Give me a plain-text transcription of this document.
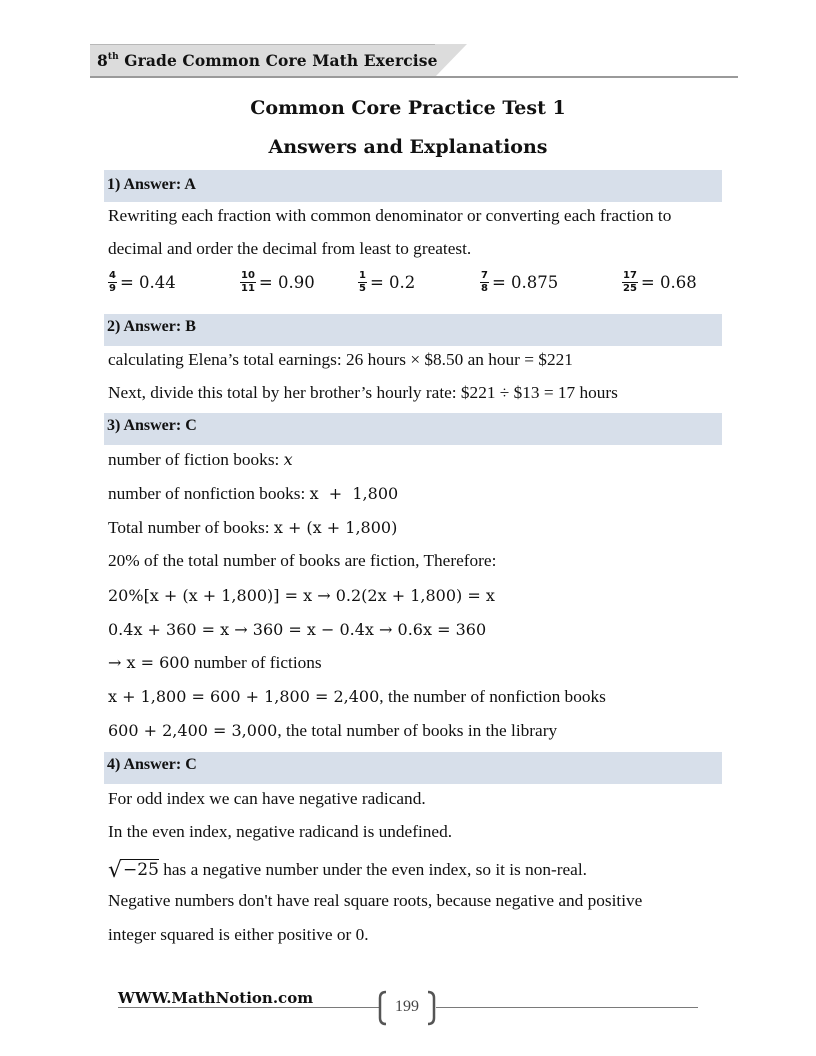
8th Grade Common Core Math Exercise
Common Core Practice Test 1
Answers and Explanations
1) Answer: A
Rewriting each fraction with common denominator or converting each fraction to
decimal and order the decimal from least to greatest.
$\frac{4}{9} = 0.44$	$\frac{10}{11} = 0.90$	$\frac{1}{5} = 0.2$	$\frac{7}{8} = 0.875$	$\frac{17}{25} = 0.68$
2) Answer: B
calculating Elena’s total earnings: 26 hours × $8.50 an hour = $221
Next, divide this total by her brother’s hourly rate: $221 ÷ $13 = 17 hours
3) Answer: C
number of fiction books: x
number of nonfiction books: x  +  1,800
Total number of books: x + (x + 1,800)
20% of the total number of books are fiction, Therefore:
20%[x + (x + 1,800)] = x → 0.2(2x + 1,800) = x
0.4x + 360 = x → 360 = x − 0.4x → 0.6x = 360
→ x = 600 number of fictions
x + 1,800 = 600 + 1,800 = 2,400, the number of nonfiction books
600 + 2,400 = 3,000, the total number of books in the library
4) Answer: C
For odd index we can have negative radicand.
In the even index, negative radicand is undefined.
√−25 has a negative number under the even index, so it is non-real.
Negative numbers don't have real square roots, because negative and positive
integer squared is either positive or 0.
WWW.MathNotion.com	199
